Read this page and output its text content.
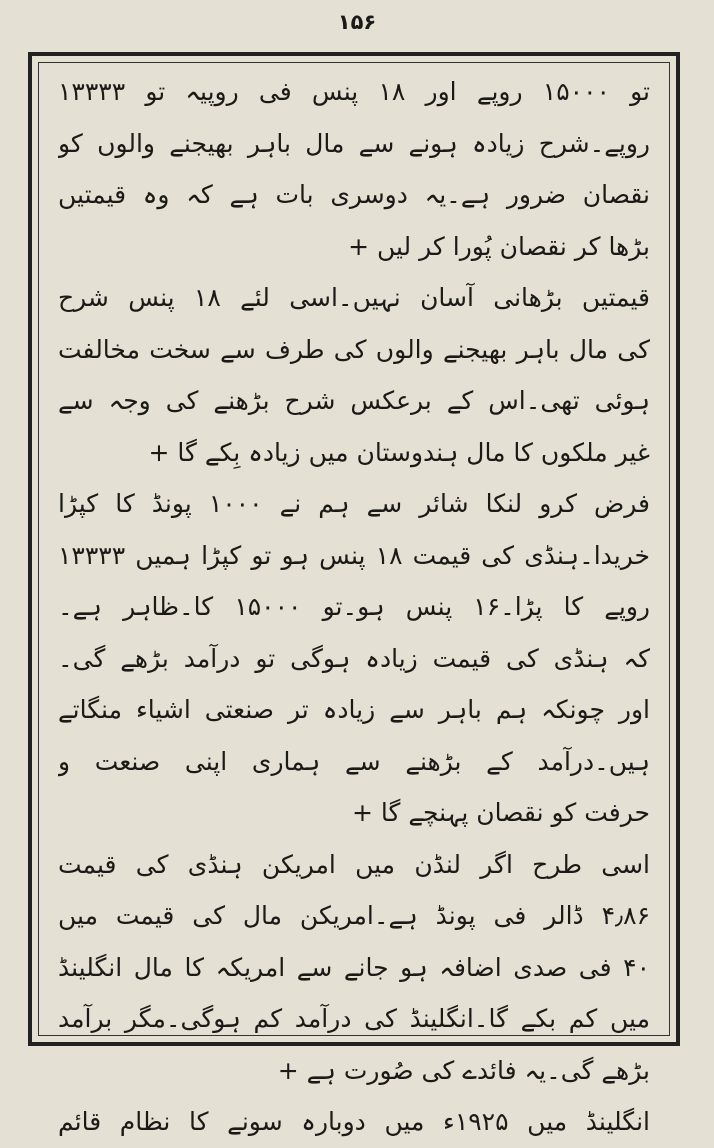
۱۵۶
تو ۱۵۰۰۰ روپے اور ۱۸ پنس فی روپیہ تو ۱۳۳۳۳
روپے۔شرح زیادہ ہونے سے مال باہر بھیجنے والوں کو
نقصان ضرور ہے۔یہ دوسری بات ہے کہ وہ قیمتیں
بڑھا کر نقصان پُورا کر لیں +
قیمتیں بڑھانی آسان نہیں۔اسی لئے ۱۸ پنس شرح
کی مال باہر بھیجنے والوں کی طرف سے سخت مخالفت
ہوئی تھی۔اس کے برعکس شرح بڑھنے کی وجہ سے
غیر ملکوں کا مال ہندوستان میں زیادہ بِکے گا +
فرض کرو لنکا شائر سے ہم نے ۱۰۰۰ پونڈ کا کپڑا
خریدا۔ہنڈی کی قیمت ۱۸ پنس ہو تو کپڑا ہمیں ۱۳۳۳۳
روپے کا پڑا۔۱۶ پنس ہو۔تو ۱۵۰۰۰ کا۔ظاہر ہے۔
کہ ہنڈی کی قیمت زیادہ ہوگی تو درآمد بڑھے گی۔
اور چونکہ ہم باہر سے زیادہ تر صنعتی اشیاء منگاتے
ہیں۔درآمد کے بڑھنے سے ہماری اپنی صنعت و
حرفت کو نقصان پہنچے گا +
اسی طرح اگر لنڈن میں امریکن ہنڈی کی قیمت
۴٫۸۶ ڈالر فی پونڈ ہے۔امریکن مال کی قیمت میں
۴۰ فی صدی اضافہ ہو جانے سے امریکہ کا مال انگلینڈ
میں کم بکے گا۔انگلینڈ کی درآمد کم ہوگی۔مگر برآمد
بڑھے گی۔یہ فائدے کی صُورت ہے +
انگلینڈ میں ۱۹۲۵ء میں دوبارہ سونے کا نظام قائم
